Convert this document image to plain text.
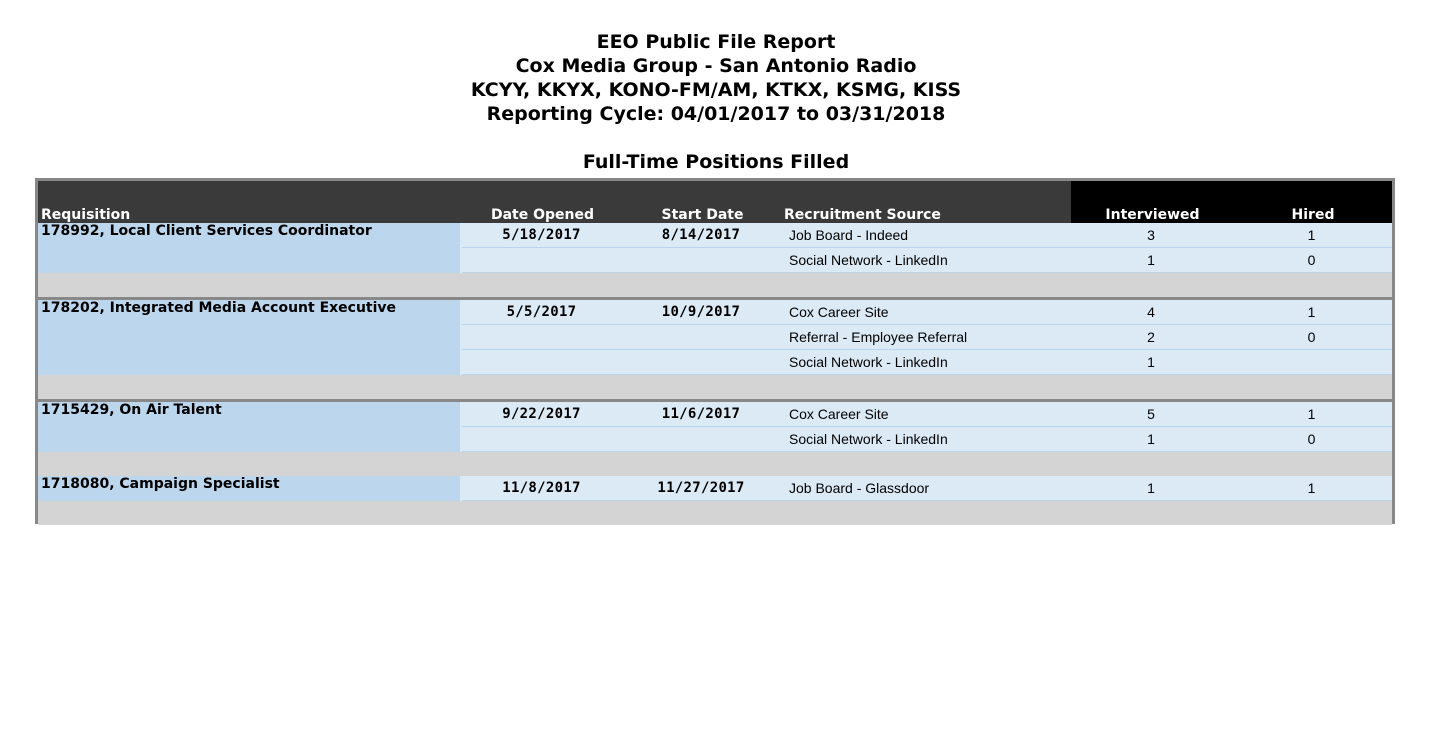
EEO Public File Report
Cox Media Group - San Antonio Radio
KCYY, KKYX, KONO-FM/AM, KTKX, KSMG, KISS
Reporting Cycle: 04/01/2017 to 03/31/2018
Full-Time Positions Filled
Requisition	Date Opened	Start Date	Recruitment Source	Interviewed	Hired
178992, Local Client Services Coordinator	5/18/2017	8/14/2017	Job Board - Indeed	3	1
			Social Network - LinkedIn	1	0

178202, Integrated Media Account Executive	5/5/2017	10/9/2017	Cox Career Site	4	1
			Referral - Employee Referral	2	0
			Social Network - LinkedIn	1	

1715429, On Air Talent	9/22/2017	11/6/2017	Cox Career Site	5	1
			Social Network - LinkedIn	1	0

1718080, Campaign Specialist	11/8/2017	11/27/2017	Job Board - Glassdoor	1	1
